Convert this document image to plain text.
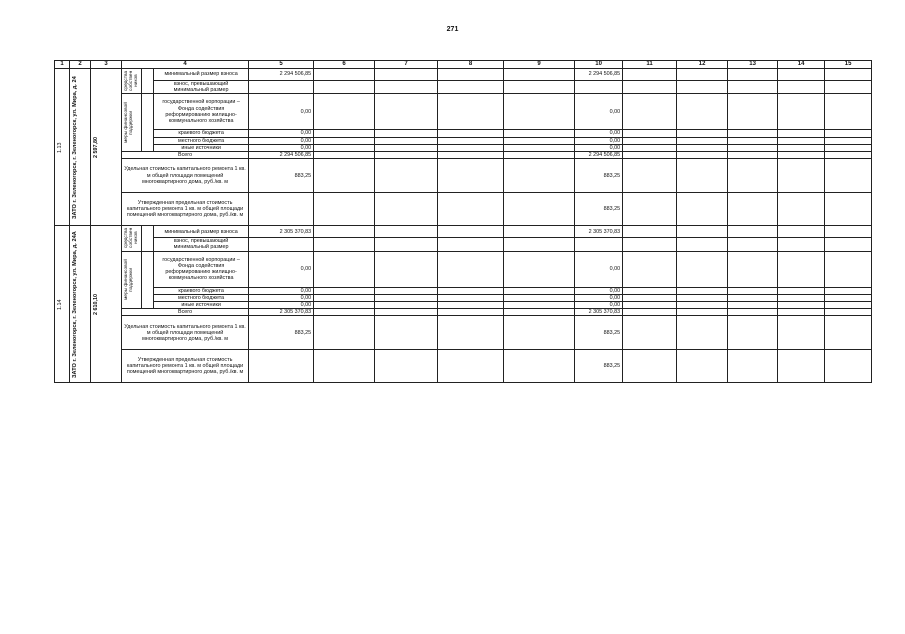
271
1	2	3	4			5	6	7	8	9	10	11	12	13	14	15

1.13	ЗАТО г. Зеленогорск, г. Зеленогорск, ул. Мира, д. 24	2 597,80	средства собствен ников		минимальный размер взноса	2 294 506,85					2 294 506,85					
					взнос, превышающий минимальный размер											

			меры финансовой поддержки		государственной корпорации – Фонда содействия реформированию жилищно-коммунального хозяйства	0,00					0,00					
					краевого бюджета	0,00					0,00					
					местного бюджета	0,00					0,00					
					иные источники	0,00					0,00					
			Всего			2 294 506,85					2 294 506,85					
			Удельная стоимость капитального ремонта 1 кв. м общей площади помещений многоквартирного дома, руб./кв. м			883,25					883,25					
			Утвержденная предельная стоимость капитального ремонта 1 кв. м общей площади помещений многоквартирного дома, руб./кв. м								883,25					

1.14	ЗАТО г. Зеленогорск, г. Зеленогорск, ул. Мира, д. 24А	2 610,10	средства собствен ников		минимальный размер взноса	2 305 370,83					2 305 370,83					
					взнос, превышающий минимальный размер											

			меры финансовой поддержки		государственной корпорации – Фонда содействия реформированию жилищно-коммунального хозяйства	0,00					0,00					
					краевого бюджета	0,00					0,00					
					местного бюджета	0,00					0,00					
					иные источники	0,00					0,00					
			Всего			2 305 370,83					2 305 370,83					
			Удельная стоимость капитального ремонта 1 кв. м общей площади помещений многоквартирного дома, руб./кв. м			883,25					883,25					
			Утвержденная предельная стоимость капитального ремонта 1 кв. м общей площади помещений многоквартирного дома, руб./кв. м								883,25					
